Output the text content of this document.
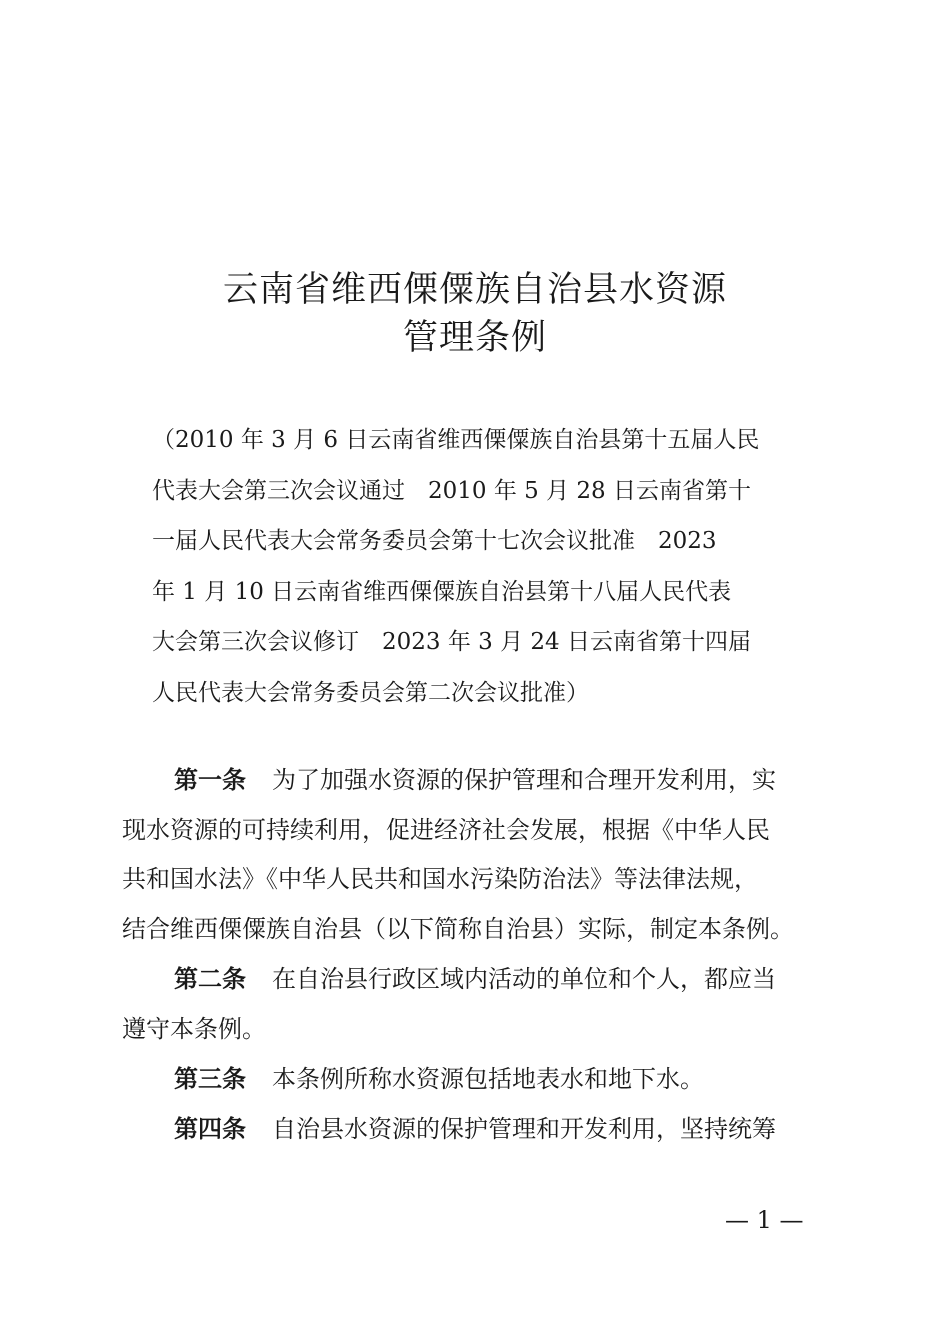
云南省维西傈僳族自治县水资源
管理条例
（2010 年 3 月 6 日云南省维西傈僳族自治县第十五届人民
代表大会第三次会议通过　2010 年 5 月 28 日云南省第十
一届人民代表大会常务委员会第十七次会议批准　2023
年 1 月 10 日云南省维西傈僳族自治县第十八届人民代表
大会第三次会议修订　2023 年 3 月 24 日云南省第十四届
人民代表大会常务委员会第二次会议批准）
第一条 为了加强水资源的保护管理和合理开发利用，实
现水资源的可持续利用，促进经济社会发展，根据《中华人民
共和国水法》《中华人民共和国水污染防治法》等法律法规，
结合维西傈僳族自治县（以下简称自治县）实际，制定本条例。
第二条 在自治县行政区域内活动的单位和个人，都应当
遵守本条例。
第三条 本条例所称水资源包括地表水和地下水。
第四条 自治县水资源的保护管理和开发利用，坚持统筹
— 1 —
